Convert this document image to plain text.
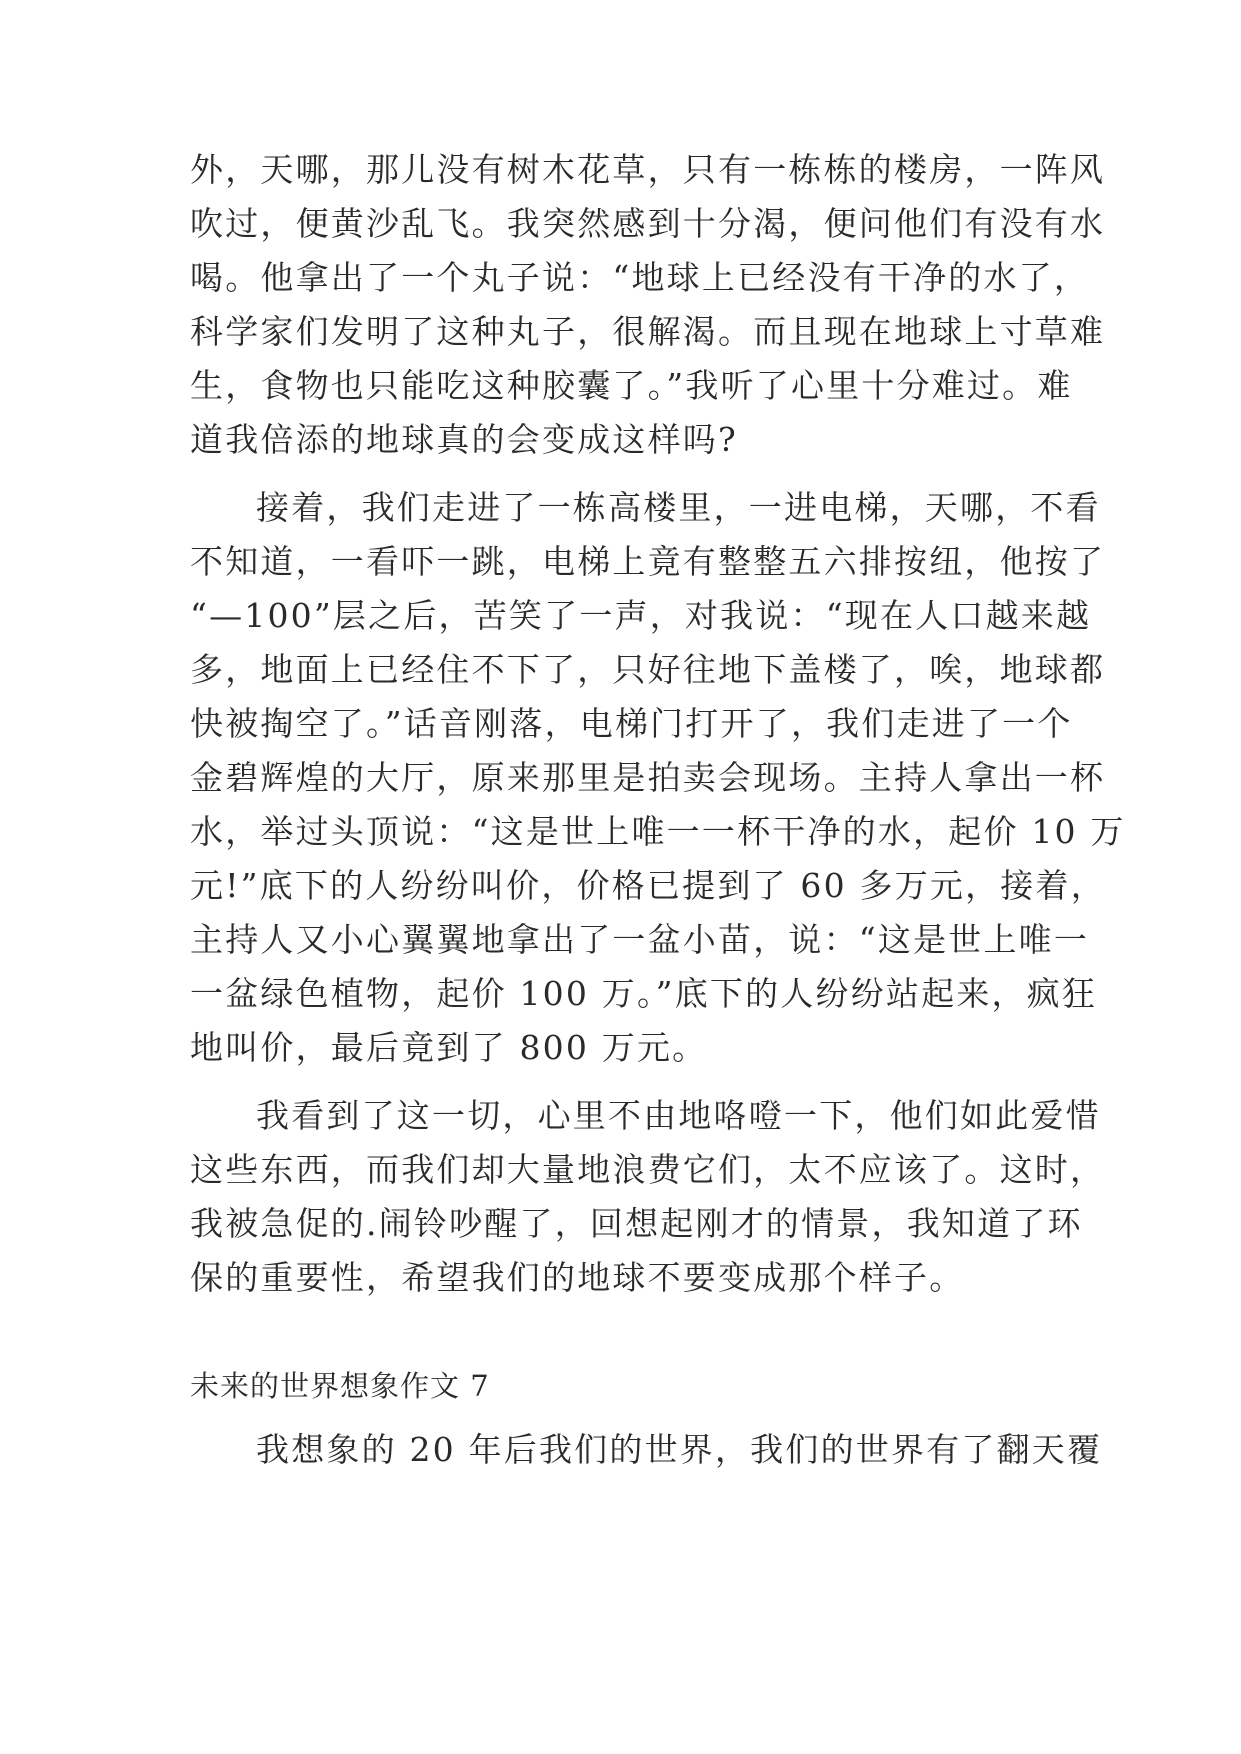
外，天哪，那儿没有树木花草，只有一栋栋的楼房，一阵风
吹过，便黄沙乱飞。我突然感到十分渴，便问他们有没有水
喝。他拿出了一个丸子说：“地球上已经没有干净的水了，
科学家们发明了这种丸子，很解渴。而且现在地球上寸草难
生，食物也只能吃这种胶囊了。”我听了心里十分难过。难
道我倍添的地球真的会变成这样吗?
接着，我们走进了一栋高楼里，一进电梯，天哪，不看
不知道，一看吓一跳，电梯上竟有整整五六排按纽，他按了
“—100”层之后，苦笑了一声，对我说：“现在人口越来越
多，地面上已经住不下了，只好往地下盖楼了，唉，地球都
快被掏空了。”话音刚落，电梯门打开了，我们走进了一个
金碧辉煌的大厅，原来那里是拍卖会现场。主持人拿出一杯
水，举过头顶说：“这是世上唯一一杯干净的水，起价 10 万
元!”底下的人纷纷叫价，价格已提到了 60 多万元，接着，
主持人又小心翼翼地拿出了一盆小苗，说：“这是世上唯一
一盆绿色植物，起价 100 万。”底下的人纷纷站起来，疯狂
地叫价，最后竟到了 800 万元。
我看到了这一切，心里不由地咯噔一下，他们如此爱惜
这些东西，而我们却大量地浪费它们，太不应该了。这时，
我被急促的.闹铃吵醒了，回想起刚才的情景，我知道了环
保的重要性，希望我们的地球不要变成那个样子。
未来的世界想象作文 7
我想象的 20 年后我们的世界，我们的世界有了翻天覆
